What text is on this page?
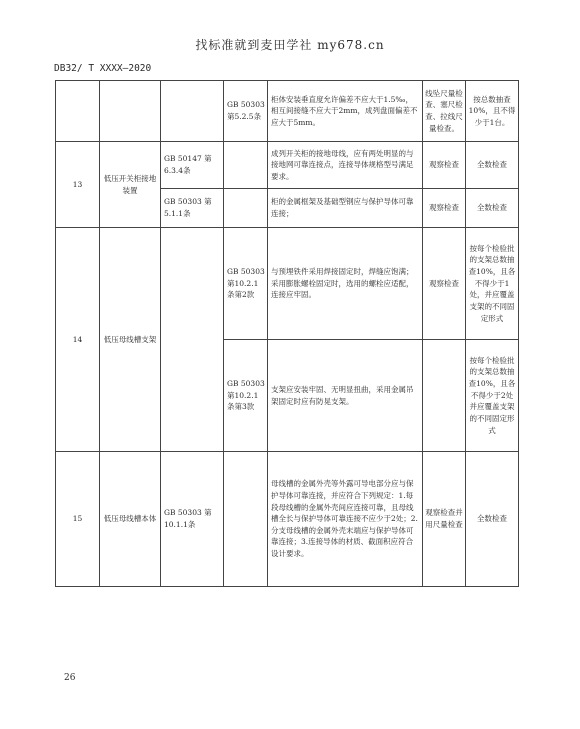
找标准就到麦田学社 my678.cn
DB32/ T XXXX—2020
			GB 50303 第5.2.5条	柜体安装垂直度允许偏差不应大于1.5‰，相互间接缝不应大于2mm，成列盘面偏差不应大于5mm。	线坠尺量检查、塞尺检查、拉线尺量检查。	按总数抽查10%，且不得少于1台。
13	低压开关柜接地装置	GB 50147 第6.3.4条		成列开关柜的接地母线，应有两处明显的与接地网可靠连接点，连接导体规格型号满足要求。	观察检查	全数检查
		GB 50303 第5.1.1条		柜的金属框架及基础型钢应与保护导体可靠连接；	观察检查	全数检查
14	低压母线槽支架		GB 50303 第10.2.1条第2款	与预埋铁件采用焊接固定时，焊缝应饱满；采用膨胀螺栓固定时，选用的螺栓应适配，连接应牢固。	观察检查	按每个检验批的支架总数抽查10%，且各不得少于1处，并应覆盖支架的不同固定形式
			GB 50303 第10.2.1条第3款	支架应安装牢固、无明显扭曲，采用金属吊架固定时应有防晃支架。		按每个检验批的支架总数抽查10%，且各不得少于2处并应覆盖支架的不同固定形式
15	低压母线槽本体	GB 50303 第10.1.1条		母线槽的金属外壳等外露可导电部分应与保护导体可靠连接，并应符合下列规定：1.每段母线槽的金属外壳间应连接可靠，且母线槽全长与保护导体可靠连接不应少于2处；2.分支母线槽的金属外壳末端应与保护导体可靠连接；3.连接导体的材质、截面积应符合设计要求。	观察检查并用尺量检查	全数检查
26
